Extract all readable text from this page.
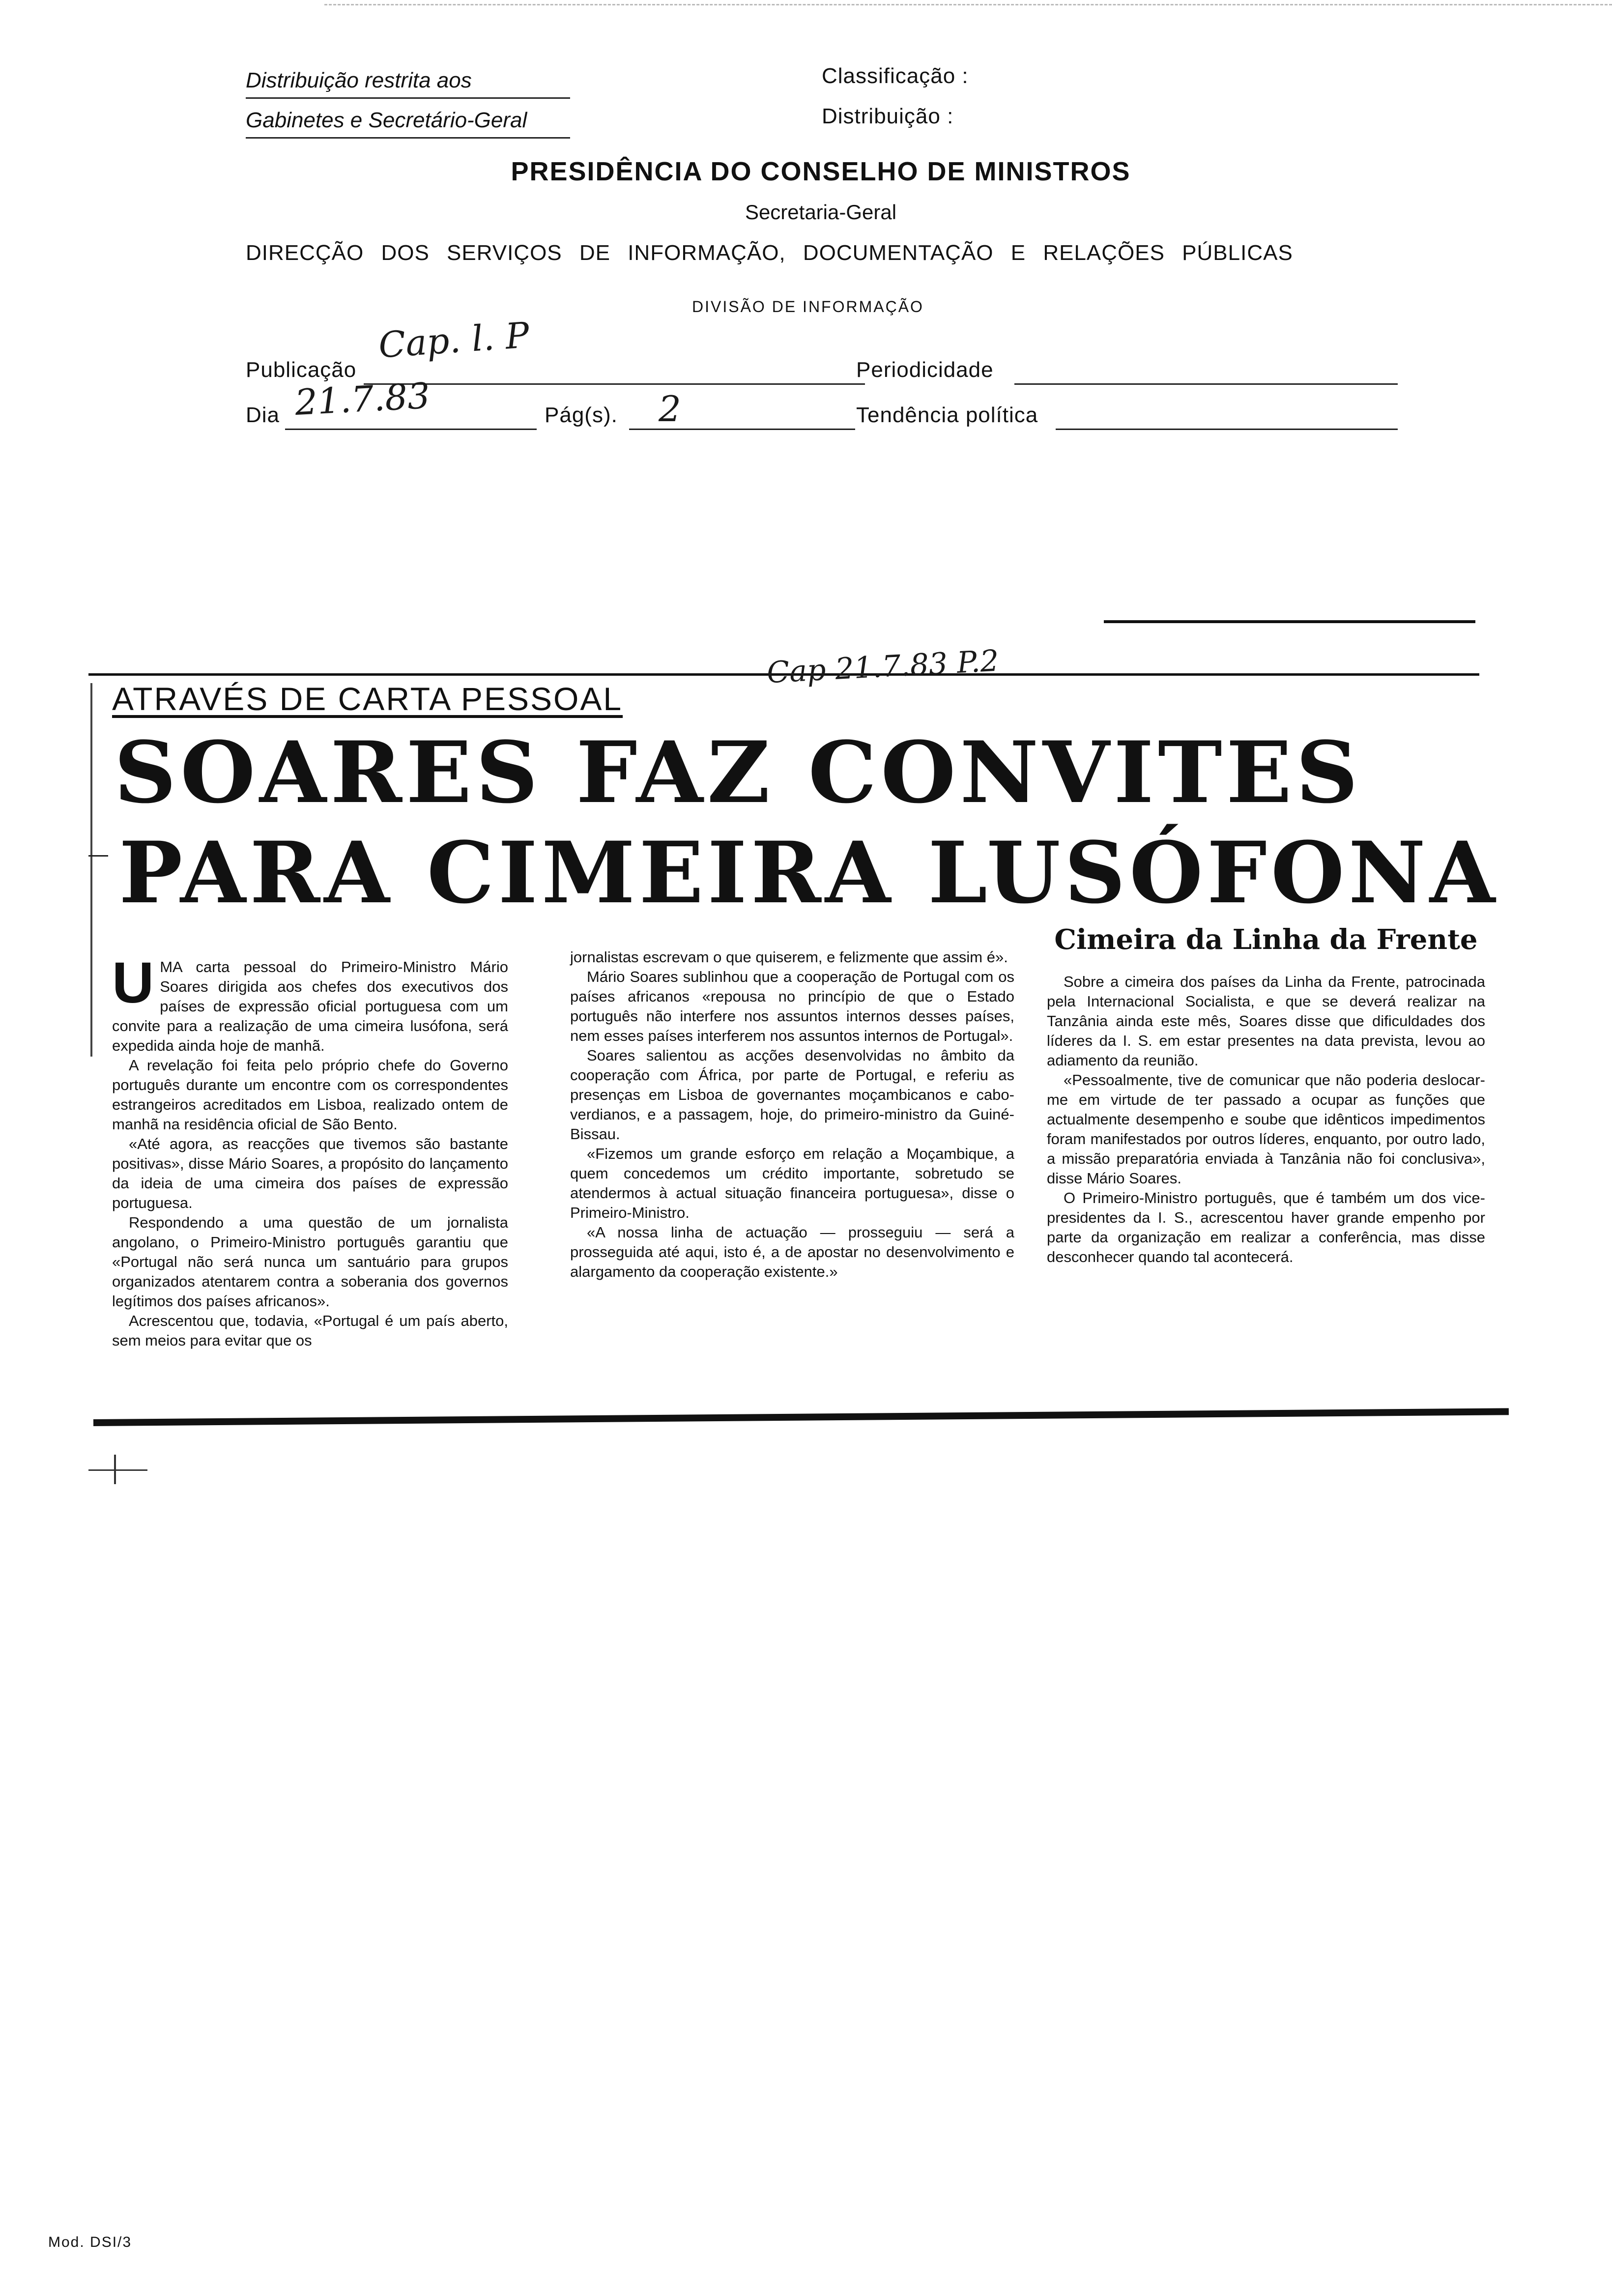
Distribuição restrita aos
Gabinetes e Secretário-Geral
Classificação :
Distribuição :
PRESIDÊNCIA DO CONSELHO DE MINISTROS
Secretaria-Geral
DIRECÇÃO DOS SERVIÇOS DE INFORMAÇÃO, DOCUMENTAÇÃO E RELAÇÕES PÚBLICAS
DIVISÃO DE INFORMAÇÃO
Publicação
Cap. l. P
Periodicidade
Dia 21.7.83	Pág(s). 2	Tendência política
ATRAVÉS DE CARTA PESSOAL
Cap 21.7.83 P.2
SOARES FAZ CONVITES
PARA CIMEIRA LUSÓFONA

UMA carta pessoal do Primeiro-Ministro Mário Soares dirigida aos chefes dos executivos dos países de expressão oficial portuguesa com um convite para a realização de uma cimeira lusófona, será expedida ainda hoje de manhã.

A revelação foi feita pelo próprio chefe do Governo português durante um encontre com os correspondentes estrangeiros acreditados em Lisboa, realizado ontem de manhã na residência oficial de São Bento.

«Até agora, as reacções que tivemos são bastante positivas», disse Mário Soares, a propósito do lançamento da ideia de uma cimeira dos países de expressão portuguesa.

Respondendo a uma questão de um jornalista angolano, o Primeiro-Ministro português garantiu que «Portugal não será nunca um santuário para grupos organizados atentarem contra a soberania dos governos legítimos dos países africanos».

Acrescentou que, todavia, «Portugal é um país aberto, sem meios para evitar que os

jornalistas escrevam o que quiserem, e felizmente que assim é».

Mário Soares sublinhou que a cooperação de Portugal com os países africanos «repousa no princípio de que o Estado português não interfere nos assuntos internos desses países, nem esses países interferem nos assuntos internos de Portugal».

Soares salientou as acções desenvolvidas no âmbito da cooperação com África, por parte de Portugal, e referiu as presenças em Lisboa de governantes moçambicanos e cabo-verdianos, e a passagem, hoje, do primeiro-ministro da Guiné-Bissau.

«Fizemos um grande esforço em relação a Moçambique, a quem concedemos um crédito importante, sobretudo se atendermos à actual situação financeira portuguesa», disse o Primeiro-Ministro.

«A nossa linha de actuação — prosseguiu — será a prosseguida até aqui, isto é, a de apostar no desenvolvimento e alargamento da cooperação existente.»

Cimeira da Linha da Frente

Sobre a cimeira dos países da Linha da Frente, patrocinada pela Internacional Socialista, e que se deverá realizar na Tanzânia ainda este mês, Soares disse que dificuldades dos líderes da I. S. em estar presentes na data prevista, levou ao adiamento da reunião.

«Pessoalmente, tive de comunicar que não poderia deslocar-me em virtude de ter passado a ocupar as funções que actualmente desempenho e soube que idênticos impedimentos foram manifestados por outros líderes, enquanto, por outro lado, a missão preparatória enviada à Tanzânia não foi conclusiva», disse Mário Soares.

O Primeiro-Ministro português, que é também um dos vice-presidentes da I. S., acrescentou haver grande empenho por parte da organização em realizar a conferência, mas disse desconhecer quando tal acontecerá.

Mod. DSI/3
